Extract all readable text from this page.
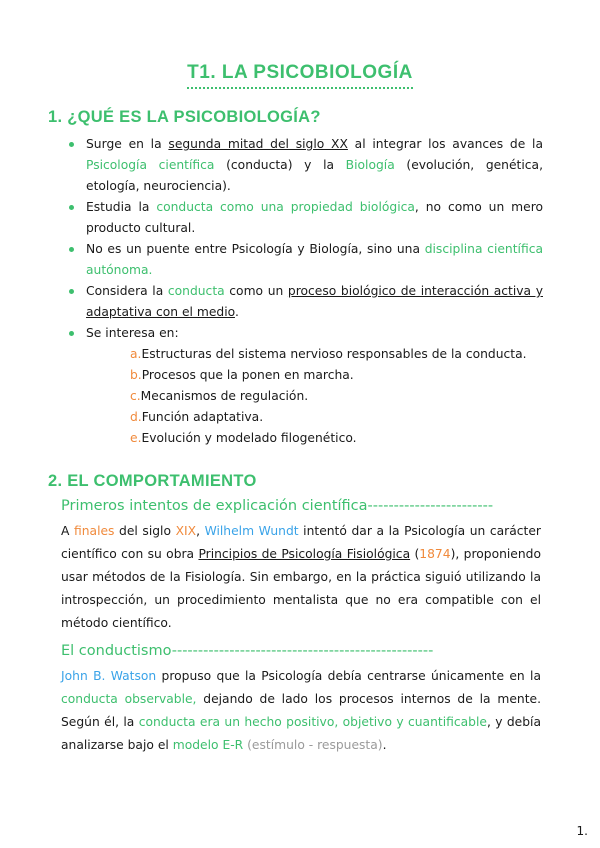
T1. LA PSICOBIOLOGÍA
1. ¿QUÉ ES LA PSICOBIOLOGÍA?
Surge en la segunda mitad del siglo XX al integrar los avances de la Psicología científica (conducta) y la Biología (evolución, genética, etología, neurociencia).
Estudia la conducta como una propiedad biológica, no como un mero producto cultural.
No es un puente entre Psicología y Biología, sino una disciplina científica autónoma.
Considera la conducta como un proceso biológico de interacción activa y adaptativa con el medio.
Se interesa en:
a.Estructuras del sistema nervioso responsables de la conducta.
b.Procesos que la ponen en marcha.
c.Mecanismos de regulación.
d.Función adaptativa.
e.Evolución y modelado filogenético.
2. EL COMPORTAMIENTO
Primeros intentos de explicación científica------------------------
A finales del siglo XIX, Wilhelm Wundt intentó dar a la Psicología un carácter científico con su obra Principios de Psicología Fisiológica (1874), proponiendo usar métodos de la Fisiología. Sin embargo, en la práctica siguió utilizando la introspección, un procedimiento mentalista que no era compatible con el método científico.
El conductismo--------------------------------------------------
John B. Watson propuso que la Psicología debía centrarse únicamente en la conducta observable, dejando de lado los procesos internos de la mente. Según él, la conducta era un hecho positivo, objetivo y cuantificable, y debía analizarse bajo el modelo E-R (estímulo - respuesta).
1.
